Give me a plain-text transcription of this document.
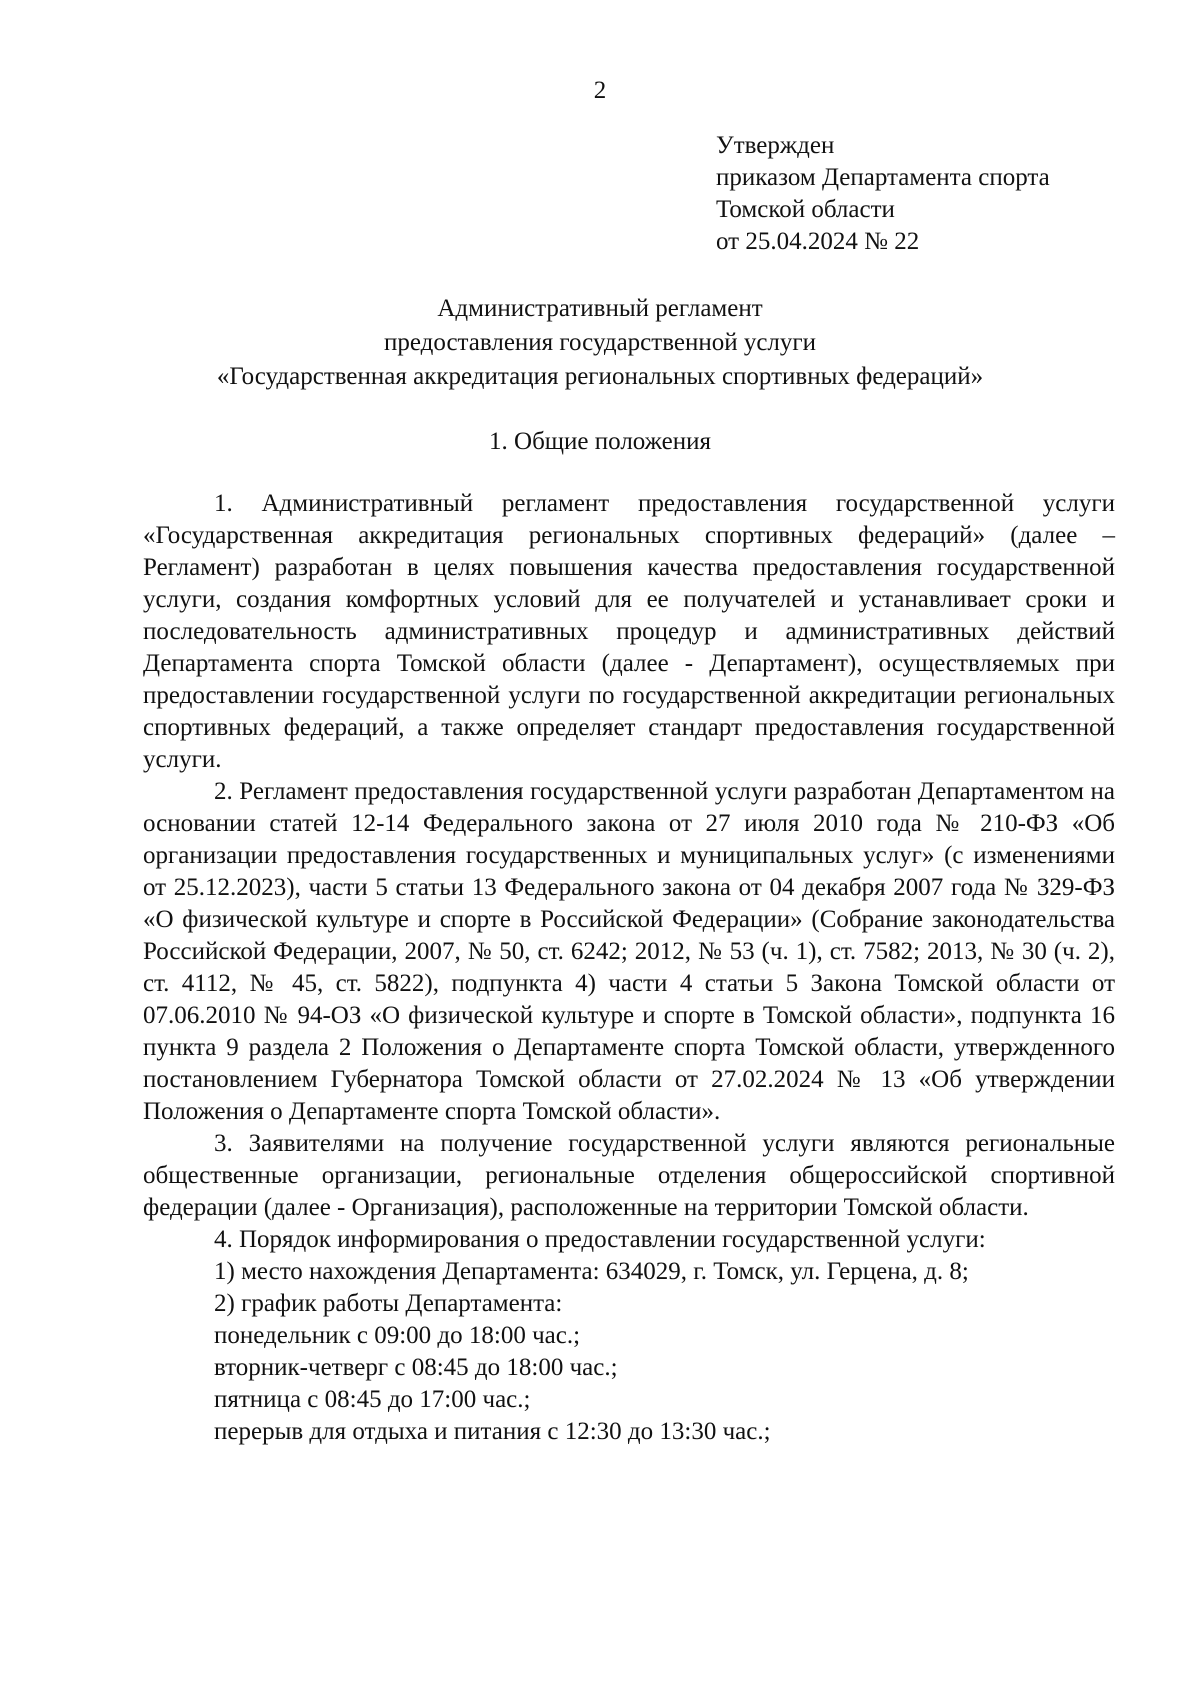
2
Утвержден
приказом Департамента спорта
Томской области
от 25.04.2024 № 22
Административный регламент
предоставления государственной услуги
«Государственная аккредитация региональных спортивных федераций»
1. Общие положения

1. Административный регламент предоставления государственной услуги «Государственная аккредитация региональных спортивных федераций» (далее – Регламент) разработан в целях повышения качества предоставления государственной услуги, создания комфортных условий для ее получателей и устанавливает сроки и последовательность административных процедур и административных действий Департамента спорта Томской области (далее - Департамент), осуществляемых при предоставлении государственной услуги по государственной аккредитации региональных спортивных федераций, а также определяет стандарт предоставления государственной услуги.

2. Регламент предоставления государственной услуги разработан Департаментом на основании статей 12-14 Федерального закона от 27 июля 2010 года № 210-ФЗ «Об организации предоставления государственных и муниципальных услуг» (с изменениями от 25.12.2023), части 5 статьи 13 Федерального закона от 04 декабря 2007 года № 329-ФЗ «О физической культуре и спорте в Российской Федерации» (Собрание законодательства Российской Федерации, 2007, № 50, ст. 6242; 2012, № 53 (ч. 1), ст. 7582; 2013, № 30 (ч. 2), ст. 4112, № 45, ст. 5822), подпункта 4) части 4 статьи 5 Закона Томской области от 07.06.2010 № 94-ОЗ «О физической культуре и спорте в Томской области», подпункта 16 пункта 9 раздела 2 Положения о Департаменте спорта Томской области, утвержденного постановлением Губернатора Томской области от 27.02.2024 № 13 «Об утверждении Положения о Департаменте спорта Томской области».

3. Заявителями на получение государственной услуги являются региональные общественные организации, региональные отделения общероссийской спортивной федерации (далее - Организация), расположенные на территории Томской области.

4. Порядок информирования о предоставлении государственной услуги:

1) место нахождения Департамента: 634029, г. Томск, ул. Герцена, д. 8;

2) график работы Департамента:

понедельник с 09:00 до 18:00 час.;

вторник-четверг с 08:45 до 18:00 час.;

пятница с 08:45 до 17:00 час.;

перерыв для отдыха и питания с 12:30 до 13:30 час.;
